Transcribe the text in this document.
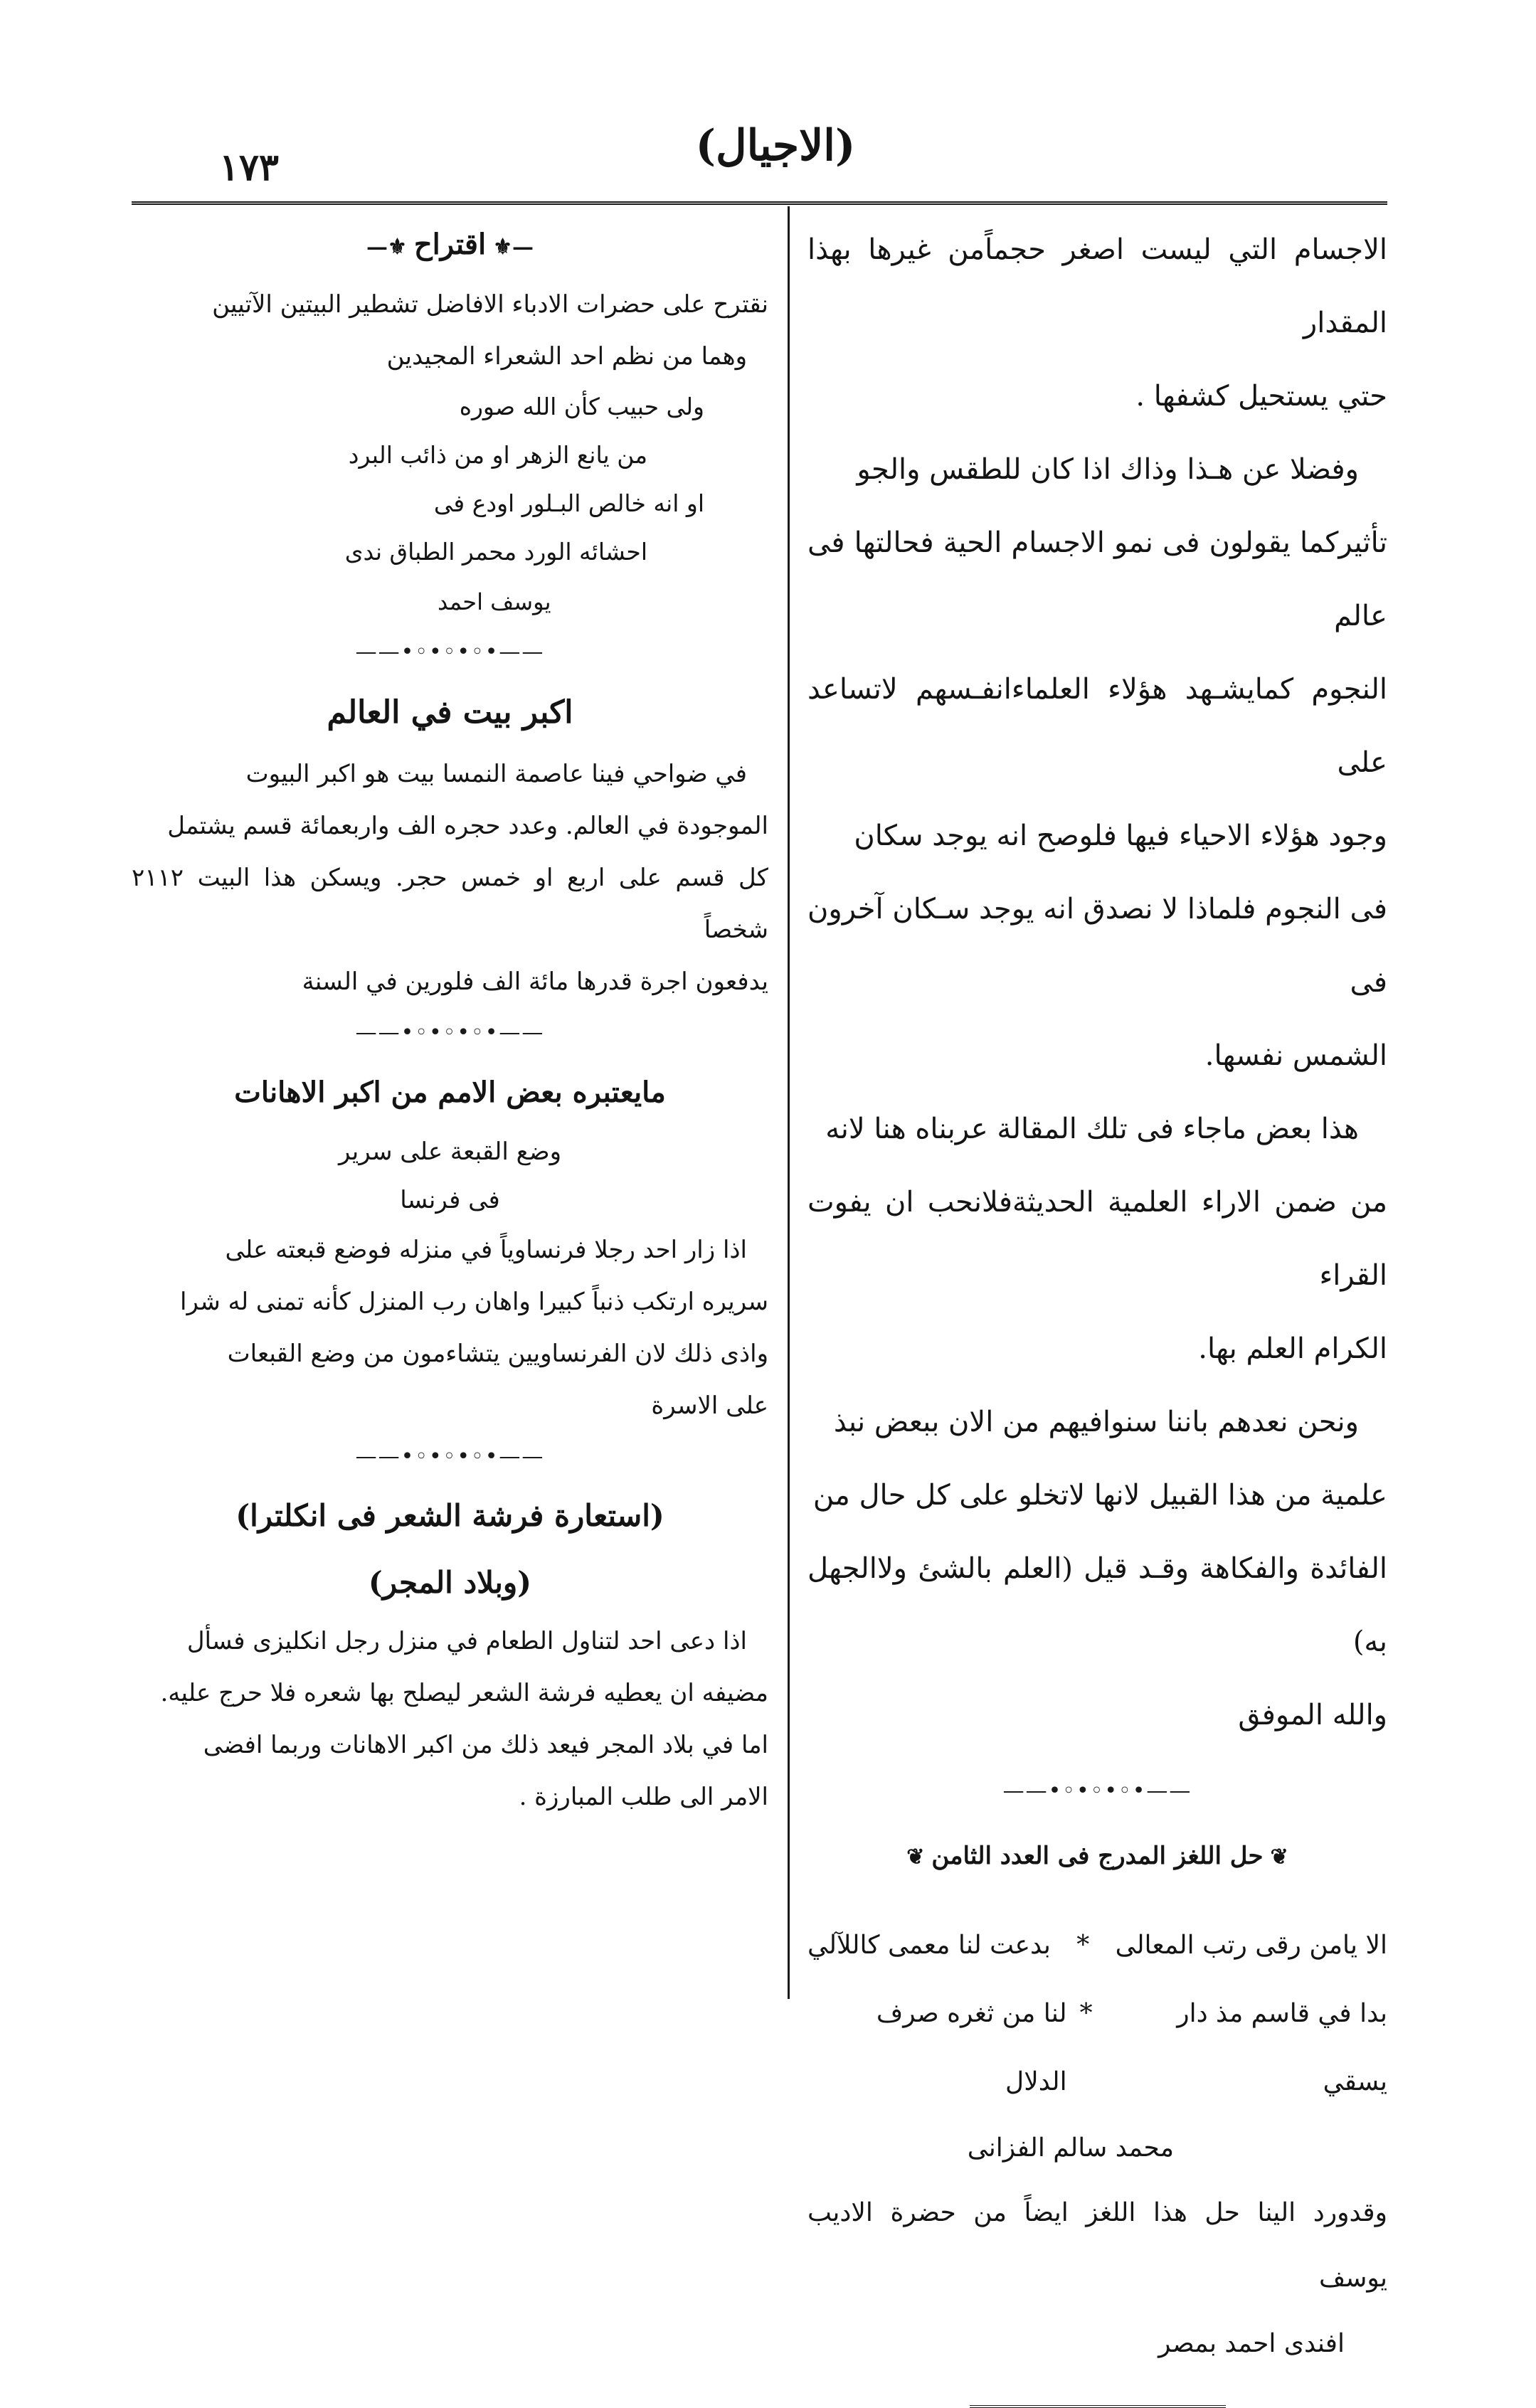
(الاجيال)
١٧٣

الاجسام التي ليست اصغر حجماًمن غيرها بهذا المقدار

حتي يستحيل كشفها .

وفضلا عن هـذا وذاك اذا كان للطقس والجو

تأثيركما يقولون فى نمو الاجسام الحية فحالتها فى عالم

النجوم كمايشـهد هؤلاء العلماءانفـسهم لاتساعد على

وجود هؤلاء الاحياء فيها فلوصح انه يوجد سكان

فى النجوم فلماذا لا نصدق انه يوجد سـكان آخرون فى

الشمس نفسها.

هذا بعض ماجاء فى تلك المقالة عربناه هنا لانه

من ضمن الاراء العلمية الحديثةفلانحب ان يفوت القراء

الكرام العلم بها.

ونحن نعدهم باننا سنوافيهم من الان ببعض نبذ

علمية من هذا القبيل لانها لاتخلو على كل حال من

الفائدة والفكاهة وقـد قيل (العلم بالشئ ولاالجهل به)

والله الموفق

——•◦•◦•◦•——
❦حل اللغز المدرج فى العدد الثامن❦
الا يامن رقى رتب المعالى
*
بدعت لنا معمى كاللآلي
بدا في قاسم مذ دار يسقي
*
لنا من ثغره صرف الدلال
محمد سالم الفزانى

وقدورد الينا حل هذا اللغز ايضاً من حضرة الاديب يوسف

افندى احمد بمصر

—⚜اقتراح⚜—

نقترح على حضرات الادباء الافاضل تشطير البيتين الآتيين

وهما من نظم احد الشعراء المجيدين

ولى حبيب كأن الله صوره
من يانع الزهر او من ذائب البرد
او انه خالص البـلور اودع فى
احشائه الورد محمر الطباق ندى
يوسف احمد
——•◦•◦•◦•——
اكبر بيت في العالم

في ضواحي فينا عاصمة النمسا بيت هو اكبر البيوت

الموجودة في العالم. وعدد حجره الف واربعمائة قسم يشتمل

كل قسم على اربع او خمس حجر. ويسكن هذا البيت ٢١١٢ شخصاً

يدفعون اجرة قدرها مائة الف فلورين في السنة

——•◦•◦•◦•——
مايعتبره بعض الامم من اكبر الاهانات
وضع القبعة على سرير
فى فرنسا

اذا زار احد رجلا فرنساوياً في منزله فوضع قبعته على

سريره ارتكب ذنباً كبيرا واهان رب المنزل كأنه تمنى له شرا

واذى ذلك لان الفرنساويين يتشاءمون من وضع القبعات

على الاسرة

——•◦•◦•◦•——
(استعارة فرشة الشعر فى انكلترا)
(وبلاد المجر)

اذا دعى احد لتناول الطعام في منزل رجل انكليزى فسأل

مضيفه ان يعطيه فرشة الشعر ليصلح بها شعره فلا حرج عليه.

اما في بلاد المجر فيعد ذلك من اكبر الاهانات وربما افضى

الامر الى طلب المبارزة .
